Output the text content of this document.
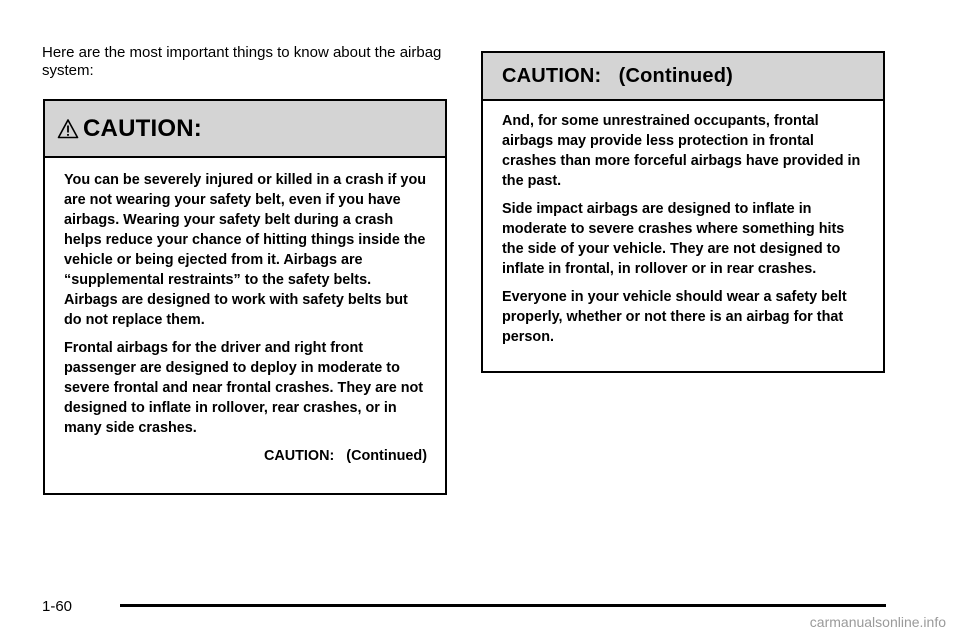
Here are the most important things to know about the airbag system:

CAUTION:

You can be severely injured or killed in a crash if you are not wearing your safety belt, even if you have airbags. Wearing your safety belt during a crash helps reduce your chance of hitting things inside the vehicle or being ejected from it. Airbags are “supplemental restraints” to the safety belts. Airbags are designed to work with safety belts but do not replace them.

Frontal airbags for the driver and right front passenger are designed to deploy in moderate to severe frontal and near frontal crashes. They are not designed to inflate in rollover, rear crashes, or in many side crashes.

CAUTION:   (Continued)

CAUTION:   (Continued)

And, for some unrestrained occupants, frontal airbags may provide less protection in frontal crashes than more forceful airbags have provided in the past.

Side impact airbags are designed to inflate in moderate to severe crashes where something hits the side of your vehicle. They are not designed to inflate in frontal, in rollover or in rear crashes.

Everyone in your vehicle should wear a safety belt properly, whether or not there is an airbag for that person.

1-60
carmanualsonline.info
